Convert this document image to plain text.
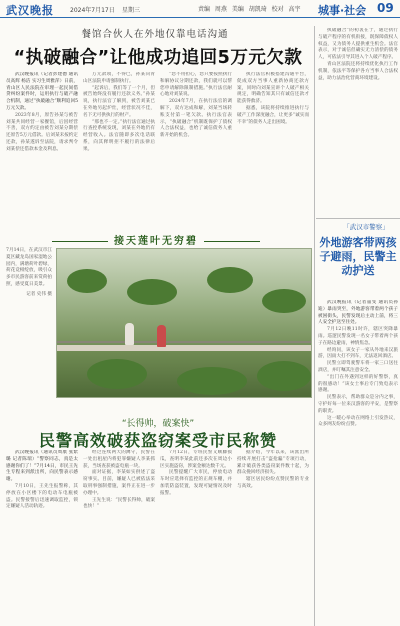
武汉晚报	2024年7月17日 星期三	责编 周燕 美编 胡凯琦 校对 高宇 城事·社会 09
餐馆合伙人在外地仅靠电话沟通
“执破融合”让他成功追回5万元欠款

武汉晚报讯（记者彭建德 通讯员高辉 杨洁 实习生周雅萍）日前，青山区人民法院在审理一起民间借贷纠纷案件时，运用执行与破产融合机制，通过“执破融合”顺利追回5万元欠款。

2023年8月，原告孙某与被告刘某共同经营一家餐馆，后因经营不善，双方约定由被告刘某分期偿还原告5万元借款。后刘某未按约定还款，孙某遂诉至法院，请求判令刘某偿还借款本金及利息。

万元款项，不得已，孙某向青山区法院申请强制执行。

“起诉后，我们等了一个月，但被告始终没有履行还款义务。”孙某说，执行法官了解到，被告刘某已在外地另起炉灶，经营状况不佳，名下无可供执行的财产。

“那也不一定。”执行法官通过执行查控系统发现，刘某在外地仍有经营收入。法官随即多次电话联系，向其释明拒不履行的法律后果。

“您不用担心，您只要按照执行和解协议分期还款，我们就可以帮您申请解除限制措施。”执行法官耐心地对刘某说。

2024年7月，在执行法官的调解下，双方达成和解，刘某当场转账支付第一笔欠款。执行法官表示，“执破融合”机制既保护了债权人合法权益，也给了诚信债务人重新开始的机会。

执行法官积极搭建沟通平台，促成双方当事人重新协商还款方案，同时向刘某宣讲个人破产相关规定，明确告知其只有诚信还款才能获得救济。

据悉，该院将持续推进执行与破产工作深度融合，让更多“诚实而不幸”的债务人走出困境。

接天莲叶无穷碧

7月14日，在武汉市江夏区藏龙岛国家湿地公园内，满塘荷叶碧绿，荷花竞相绽放，吸引众多市民游客前来赏荷拍照，感受夏日美景。

记者 史伟 摄

“长得帅，破案快”
民警高效破获盗窃案受市民称赞

武汉晚报讯（通讯员周康 张紫璐 记者陈瑞）“警察同志，真是太感谢你们了！”7月14日，市民王先生专程来到派出所，向民警表示感谢。

7月10日，王先生报警称，其停放在小区楼下的电动车电瓶被盗。民警接警后迅速调取监控，锁定嫌疑人活动轨迹。

经过连续两天的蹲守，民警在一处出租屋内将犯罪嫌疑人李某抓获，当场查获被盗电瓶一块。

面对证据，李某如实供述了盗窃事实。目前，嫌疑人已被依法采取刑事强制措施，案件正在进一步办理中。

王先生说：“民警长得帅，破案也快！”

7月12日，专班民警又顺藤摸瓜，查明李某此前还多次在周边小区实施盗窃，涉案金额达数千元。

民警提醒广大市民，停放电动车时应选择有监控的正规车棚，并加装防盗装置，发现可疑情况及时报警。

据介绍，今年以来，该派出所持续开展打击“盗抢骗”专项行动，累计破获各类盗窃案件数十起，为群众挽回经济损失。

辖区居民纷纷点赞民警的专业与高效。

执破融合”的初衷在于，通过执行与破产程序的有机衔接，既保障债权人权益，又为债务人提供重生机会。法官表示，对于诚信但确实无力清偿的债务人，可依法引导其进入个人破产程序。

青山区法院还将持续优化执行工作机制，依法平等保护各方当事人合法权益，助力法治化营商环境建设。

「武汉市警察」
外地游客带两孩子避雨，民警主动护送

武汉晚报讯（记者董雯 通讯员孙迪）暴雨突至，外地游客带着两个孩子被困街头，民警发现后主动上前，将三人安全护送至住处。

7月12日晚11时许，辖区突降暴雨。巡逻民警发现一名女子带着两个孩子在路边避雨，神情焦急。

经询问，该女子一家从外地来汉旅游，因雨大打不到车，无法返回酒店。

民警立即驾驶警车将一家三口送往酒店，并叮嘱其注意安全。

“出门在外遇到这样的好警察，真的很感动！”该女士事后专门致电表示感谢。

民警表示，帮助群众是分内之事，守护好每一位来汉游客的平安，是警察的职责。

这一暖心举动在网络上引发热议，众多网友纷纷点赞。
